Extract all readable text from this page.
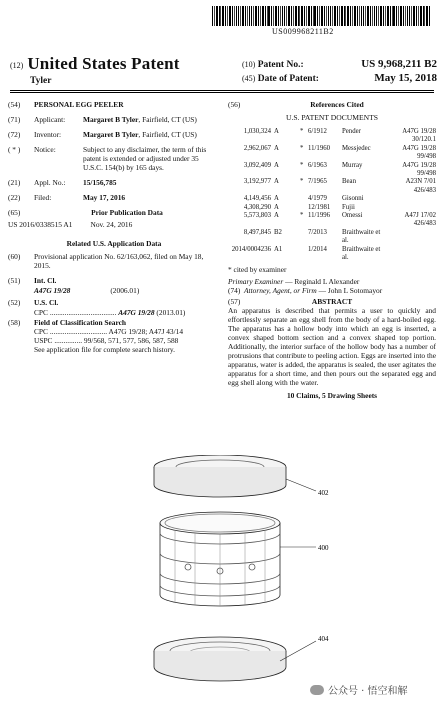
US009968211B2
(12) United States Patent
Tyler
(10) Patent No.:	US 9,968,211 B2
(45) Date of Patent:	May 15, 2018
(54)	PERSONAL EGG PEELER
(71)	Applicant:	Margaret B Tyler, Fairfield, CT (US)
(72)	Inventor:	Margaret B Tyler, Fairfield, CT (US)
( * )	Notice:	Subject to any disclaimer, the term of this patent is extended or adjusted under 35 U.S.C. 154(b) by 165 days.
(21)	Appl. No.:	15/156,785
(22)	Filed:	May 17, 2016
(65)	Prior Publication Data
US 2016/0338515 A1 Nov. 24, 2016
Related U.S. Application Data
(60)	Provisional application No. 62/163,062, filed on May 18, 2015.
(51)	Int. Cl.
A47G 19/28	(2006.01)
(52)	U.S. Cl.
CPC .................................... A47G 19/28 (2013.01)
(58)	Field of Classification Search
CPC ............................... A47G 19/28; A47J 43/14
USPC ............... 99/568, 571, 577, 586, 587, 588
See application file for complete search history.
(56)	References Cited
U.S. PATENT DOCUMENTS
1,030,324 A	* 6/1912	Pender	A47G 19/28
30/120.1
2,962,067 A	* 11/1960	Messjedec	A47G 19/28
99/498
3,092,409 A	* 6/1963	Murray	A47G 19/28
99/498
3,192,977 A	* 7/1965	Bean	A23N 7/01
426/483
4,149,456 A	4/1979	Gisonni
4,308,290 A	12/1981	Fujii
5,573,803 A	* 11/1996	Omessi	A47J 17/02
426/483
8,497,845 B2	7/2013	Braithwaite et al.
2014/0004236 A1	1/2014	Braithwaite et al.
* cited by examiner
Primary Examiner — Reginald L Alexander
(74) Attorney, Agent, or Firm — John L Sotomayor
(57)	ABSTRACT
An apparatus is described that permits a user to quickly and effortlessly separate an egg shell from the body of a hard-boiled egg. The apparatus has a hollow body into which an egg is inserted, a convex shaped bottom section and a convex shaped top portion. Additionally, the interior surface of the hollow body has a number of protrusions that contribute to peeling action. Eggs are inserted into the apparatus, water is added, the apparatus is sealed, the user agitates the apparatus for a short time, and then pours out the separated egg and egg shell along with the water.
10 Claims, 5 Drawing Sheets
402
400
404
公众号 · 悟空和解
